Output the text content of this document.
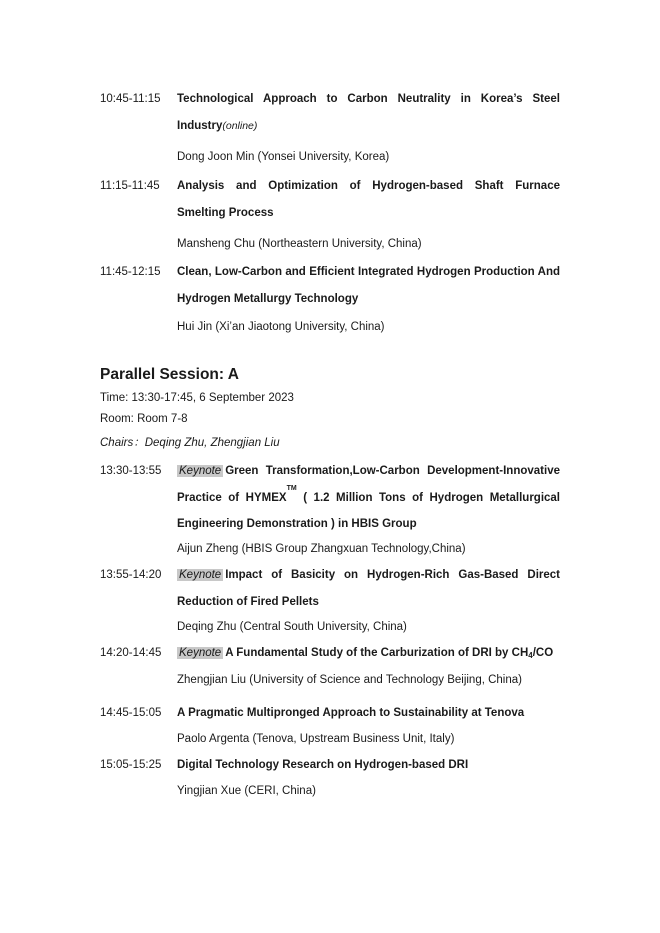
10:45-11:15 Technological Approach to Carbon Neutrality in Korea’s Steel Industry(online)
Dong Joon Min (Yonsei University, Korea)
11:15-11:45 Analysis and Optimization of Hydrogen-based Shaft Furnace Smelting Process
Mansheng Chu (Northeastern University, China)
11:45-12:15 Clean, Low-Carbon and Efficient Integrated Hydrogen Production And Hydrogen Metallurgy Technology
Hui Jin (Xi’an Jiaotong University, China)
Parallel Session: A
Time: 13:30-17:45, 6 September 2023
Room: Room 7-8
Chairs：Deqing Zhu, Zhengjian Liu
13:30-13:55 Keynote Green Transformation,Low-Carbon Development-Innovative Practice of HYMEX™ ( 1.2 Million Tons of Hydrogen Metallurgical Engineering Demonstration ) in HBIS Group
Aijun Zheng (HBIS Group Zhangxuan Technology,China)
13:55-14:20 Keynote Impact of Basicity on Hydrogen-Rich Gas-Based Direct Reduction of Fired Pellets
Deqing Zhu (Central South University, China)
14:20-14:45 Keynote A Fundamental Study of the Carburization of DRI by $CH_4/CO$
Zhengjian Liu (University of Science and Technology Beijing, China)
14:45-15:05 A Pragmatic Multipronged Approach to Sustainability at Tenova
Paolo Argenta (Tenova, Upstream Business Unit, Italy)
15:05-15:25 Digital Technology Research on Hydrogen-based DRI
Yingjian Xue (CERI, China)
